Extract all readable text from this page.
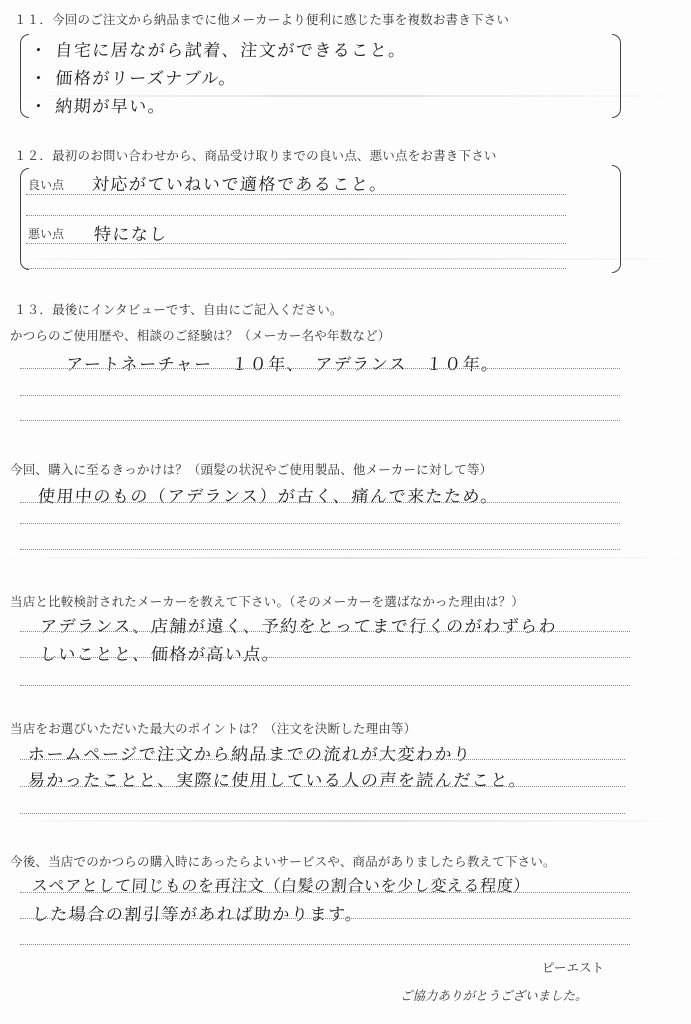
１１．今回のご注文から納品までに他メーカーより便利に感じた事を複数お書き下さい
・ 自宅に居ながら試着、注文ができること。
・ 価格がリーズナブル。
・ 納期が早い。
１２．最初のお問い合わせから、商品受け取りまでの良い点、悪い点をお書き下さい
良い点 対応がていねいで適格であること。
悪い点 特になし
１３．最後にインタビューです、自由にご記入ください。
かつらのご使用歴や、相談のご経験は？（メーカー名や年数など）
アートネーチャー　１０年、　アデランス　１０年。
今回、購入に至るきっかけは？（頭髪の状況やご使用製品、他メーカーに対して等）
使用中のもの（アデランス）が古く、痛んで来たため。
当店と比較検討されたメーカーを教えて下さい。（そのメーカーを選ばなかった理由は？）
アデランス、店舗が遠く、予約をとってまで行くのがわずらわ
しいことと、価格が高い点。
当店をお選びいただいた最大のポイントは？（注文を決断した理由等）
ホームページで注文から納品までの流れが大変わかり
易かったことと、実際に使用している人の声を読んだこと。
今後、当店でのかつらの購入時にあったらよいサービスや、商品がありましたら教えて下さい。
スペアとして同じものを再注文（白髪の割合いを少し変える程度）
した場合の割引等があれば助かります。
ピーエスト
ご協力ありがとうございました。
